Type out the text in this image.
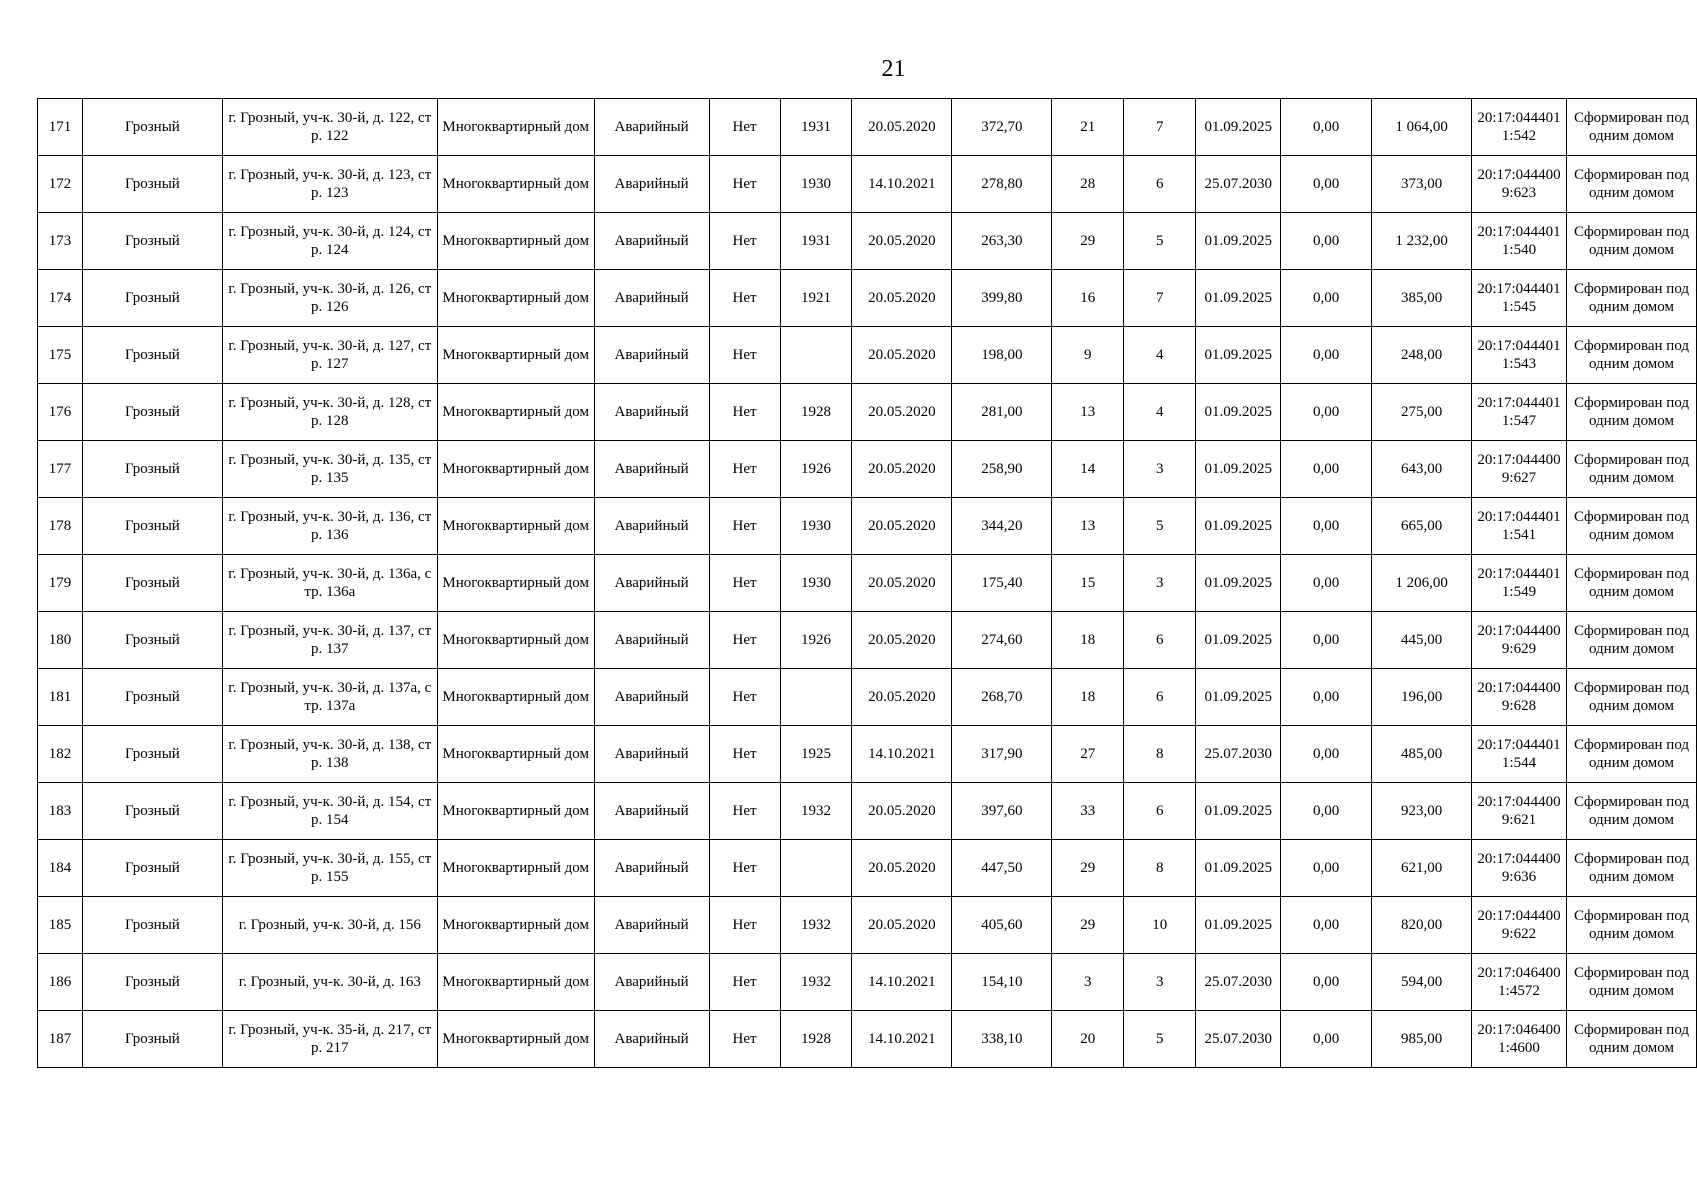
21
171	Грозный	г. Грозный, уч-к. 30-й, д. 122, стр. 122	Многоквартирный дом	Аварийный	Нет	1931	20.05.2020	372,70	21	7	01.09.2025	0,00	1 064,00	20:17:0444011:542	Сформирован под одним домом
172	Грозный	г. Грозный, уч-к. 30-й, д. 123, стр. 123	Многоквартирный дом	Аварийный	Нет	1930	14.10.2021	278,80	28	6	25.07.2030	0,00	373,00	20:17:0444009:623	Сформирован под одним домом
173	Грозный	г. Грозный, уч-к. 30-й, д. 124, стр. 124	Многоквартирный дом	Аварийный	Нет	1931	20.05.2020	263,30	29	5	01.09.2025	0,00	1 232,00	20:17:0444011:540	Сформирован под одним домом
174	Грозный	г. Грозный, уч-к. 30-й, д. 126, стр. 126	Многоквартирный дом	Аварийный	Нет	1921	20.05.2020	399,80	16	7	01.09.2025	0,00	385,00	20:17:0444011:545	Сформирован под одним домом
175	Грозный	г. Грозный, уч-к. 30-й, д. 127, стр. 127	Многоквартирный дом	Аварийный	Нет		20.05.2020	198,00	9	4	01.09.2025	0,00	248,00	20:17:0444011:543	Сформирован под одним домом
176	Грозный	г. Грозный, уч-к. 30-й, д. 128, стр. 128	Многоквартирный дом	Аварийный	Нет	1928	20.05.2020	281,00	13	4	01.09.2025	0,00	275,00	20:17:0444011:547	Сформирован под одним домом
177	Грозный	г. Грозный, уч-к. 30-й, д. 135, стр. 135	Многоквартирный дом	Аварийный	Нет	1926	20.05.2020	258,90	14	3	01.09.2025	0,00	643,00	20:17:0444009:627	Сформирован под одним домом
178	Грозный	г. Грозный, уч-к. 30-й, д. 136, стр. 136	Многоквартирный дом	Аварийный	Нет	1930	20.05.2020	344,20	13	5	01.09.2025	0,00	665,00	20:17:0444011:541	Сформирован под одним домом
179	Грозный	г. Грозный, уч-к. 30-й, д. 136а, стр. 136а	Многоквартирный дом	Аварийный	Нет	1930	20.05.2020	175,40	15	3	01.09.2025	0,00	1 206,00	20:17:0444011:549	Сформирован под одним домом
180	Грозный	г. Грозный, уч-к. 30-й, д. 137, стр. 137	Многоквартирный дом	Аварийный	Нет	1926	20.05.2020	274,60	18	6	01.09.2025	0,00	445,00	20:17:0444009:629	Сформирован под одним домом
181	Грозный	г. Грозный, уч-к. 30-й, д. 137а, стр. 137а	Многоквартирный дом	Аварийный	Нет		20.05.2020	268,70	18	6	01.09.2025	0,00	196,00	20:17:0444009:628	Сформирован под одним домом
182	Грозный	г. Грозный, уч-к. 30-й, д. 138, стр. 138	Многоквартирный дом	Аварийный	Нет	1925	14.10.2021	317,90	27	8	25.07.2030	0,00	485,00	20:17:0444011:544	Сформирован под одним домом
183	Грозный	г. Грозный, уч-к. 30-й, д. 154, стр. 154	Многоквартирный дом	Аварийный	Нет	1932	20.05.2020	397,60	33	6	01.09.2025	0,00	923,00	20:17:0444009:621	Сформирован под одним домом
184	Грозный	г. Грозный, уч-к. 30-й, д. 155, стр. 155	Многоквартирный дом	Аварийный	Нет		20.05.2020	447,50	29	8	01.09.2025	0,00	621,00	20:17:0444009:636	Сформирован под одним домом
185	Грозный	г. Грозный, уч-к. 30-й, д. 156	Многоквартирный дом	Аварийный	Нет	1932	20.05.2020	405,60	29	10	01.09.2025	0,00	820,00	20:17:0444009:622	Сформирован под одним домом
186	Грозный	г. Грозный, уч-к. 30-й, д. 163	Многоквартирный дом	Аварийный	Нет	1932	14.10.2021	154,10	3	3	25.07.2030	0,00	594,00	20:17:0464001:4572	Сформирован под одним домом
187	Грозный	г. Грозный, уч-к. 35-й, д. 217, стр. 217	Многоквартирный дом	Аварийный	Нет	1928	14.10.2021	338,10	20	5	25.07.2030	0,00	985,00	20:17:0464001:4600	Сформирован под одним домом
